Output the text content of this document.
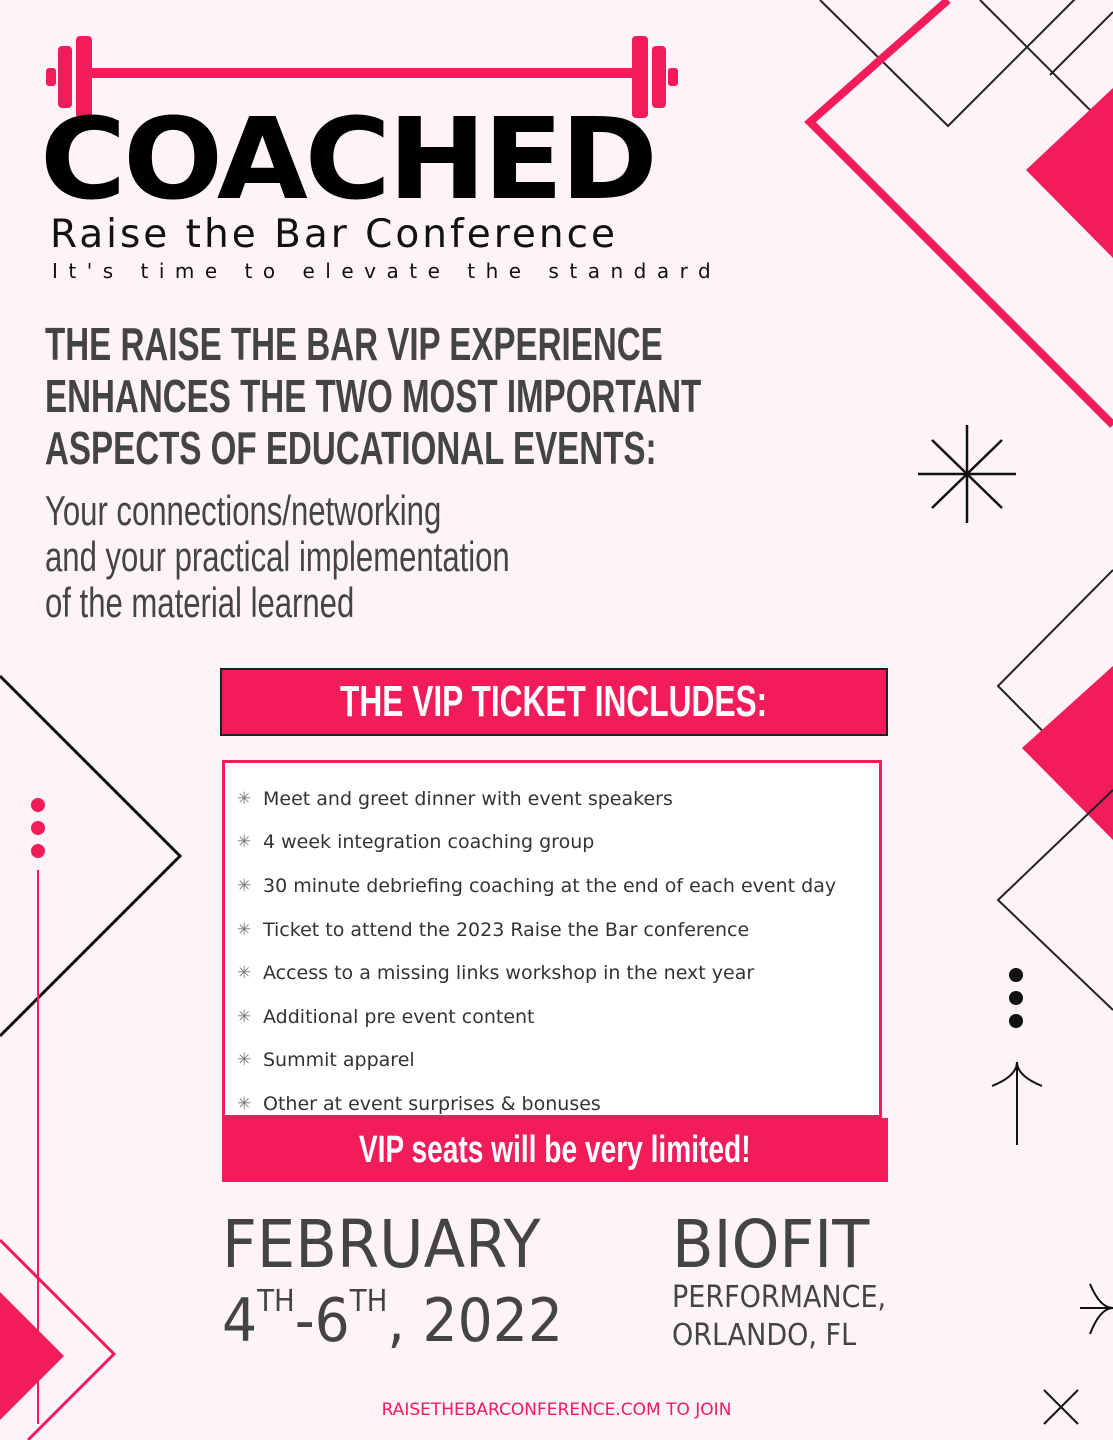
COACHED
Raise the Bar Conference
It's time to elevate the standard
THE RAISE THE BAR VIP EXPERIENCE
ENHANCES THE TWO MOST IMPORTANT
ASPECTS OF EDUCATIONAL EVENTS:
Your connections/networking
and your practical implementation
of the material learned
THE VIP TICKET INCLUDES:
✳ Meet and greet dinner with event speakers
✳ 4 week integration coaching group
✳ 30 minute debriefing coaching at the end of each event day
✳ Ticket to attend the 2023 Raise the Bar conference
✳ Access to a missing links workshop in the next year
✳ Additional pre event content
✳ Summit apparel
✳ Other at event surprises & bonuses
VIP seats will be very limited!
FEBRUARY
4TH-6TH, 2022
BIOFIT
PERFORMANCE,
ORLANDO, FL
RAISETHEBARCONFERENCE.COM TO JOIN
